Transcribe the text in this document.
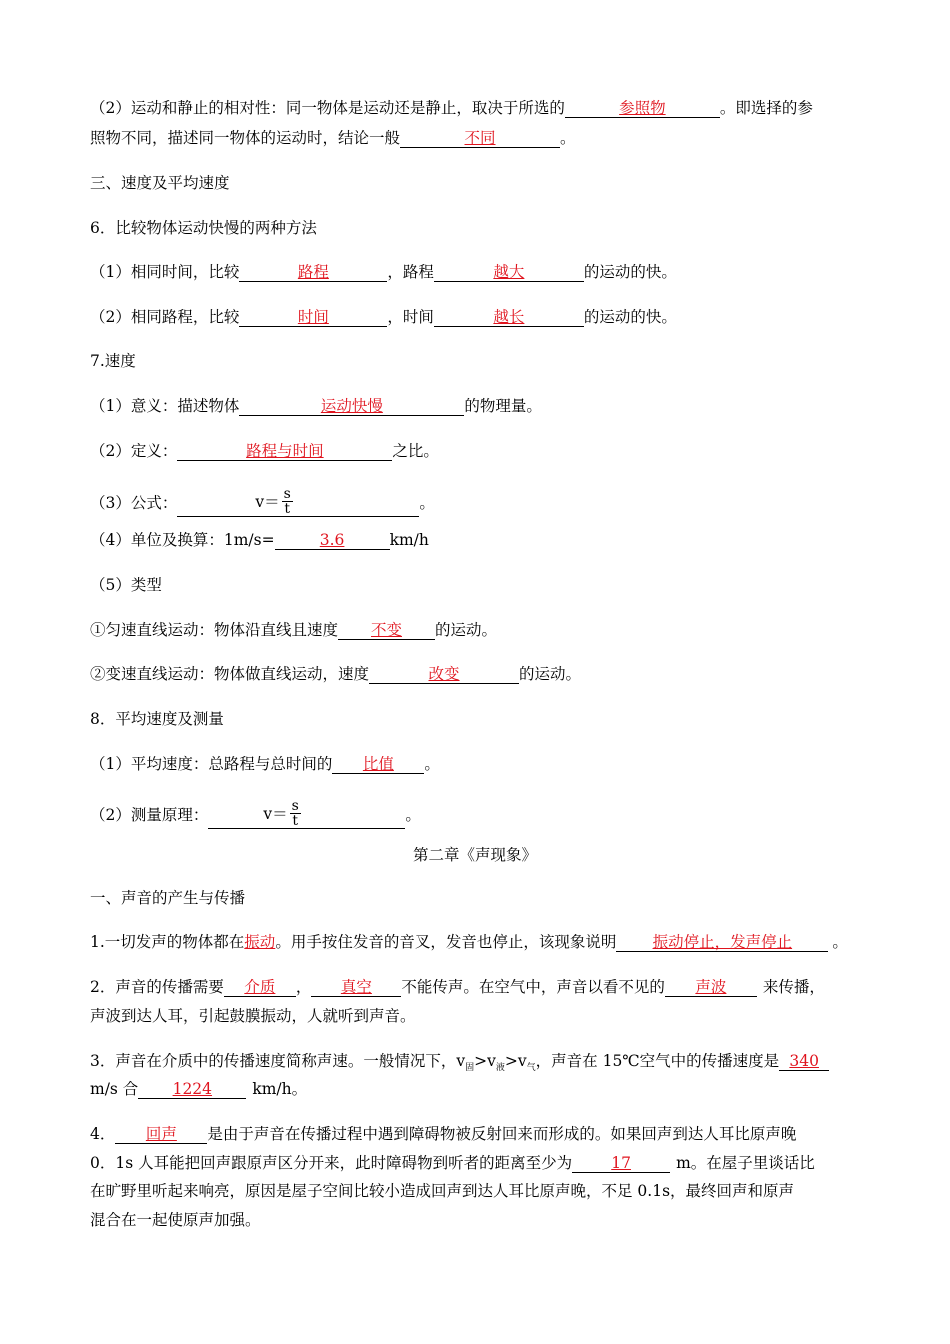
（2）运动和静止的相对性：同一物体是运动还是静止，取决于所选的	参照物	。即选择的参
照物不同，描述同一物体的运动时，结论一般	不同	。
三、速度及平均速度
6．比较物体运动快慢的两种方法
（1）相同时间，比较	路程	，路程	越大	的运动的快。
（2）相同路程，比较	时间	，时间	越长	的运动的快。
7.速度
（1）意义：描述物体	运动快慢	的物理量。
（2）定义：	路程与时间	之比。
（3）公式：	$v= \frac{s}{t}$	。
（4）单位及换算：1m/s=	3.6	km/h
（5）类型
①匀速直线运动：物体沿直线且速度 不变 的运动。
②变速直线运动：物体做直线运动，速度	改变	的运动。
8．平均速度及测量
（1）平均速度：总路程与总时间的 比值 。
（2）测量原理：	$v= \frac{s}{t}$	。
第二章《声现象》
一、声音的产生与传播
1.一切发声的物体都在振动。用手按住发音的音叉，发音也停止，该现象说明 振动停止，发声停止	。
2．声音的传播需要 介质 ， 真空 不能传声。在空气中，声音以看不见的 声波 来传播，
声波到达人耳，引起鼓膜振动，人就听到声音。
3．声音在介质中的传播速度简称声速。一般情况下，$v_固>v_液>v_气$，声音在 15℃空气中的传播速度是 340
m/s 合 1224	km/h。
4． 回声 是由于声音在传播过程中遇到障碍物被反射回来而形成的。如果回声到达人耳比原声晚
0．1s 人耳能把回声跟原声区分开来，此时障碍物到听者的距离至少为	17	m。在屋子里谈话比
在旷野里听起来响亮，原因是屋子空间比较小造成回声到达人耳比原声晚，不足 0.1s，最终回声和原声
混合在一起使原声加强。
